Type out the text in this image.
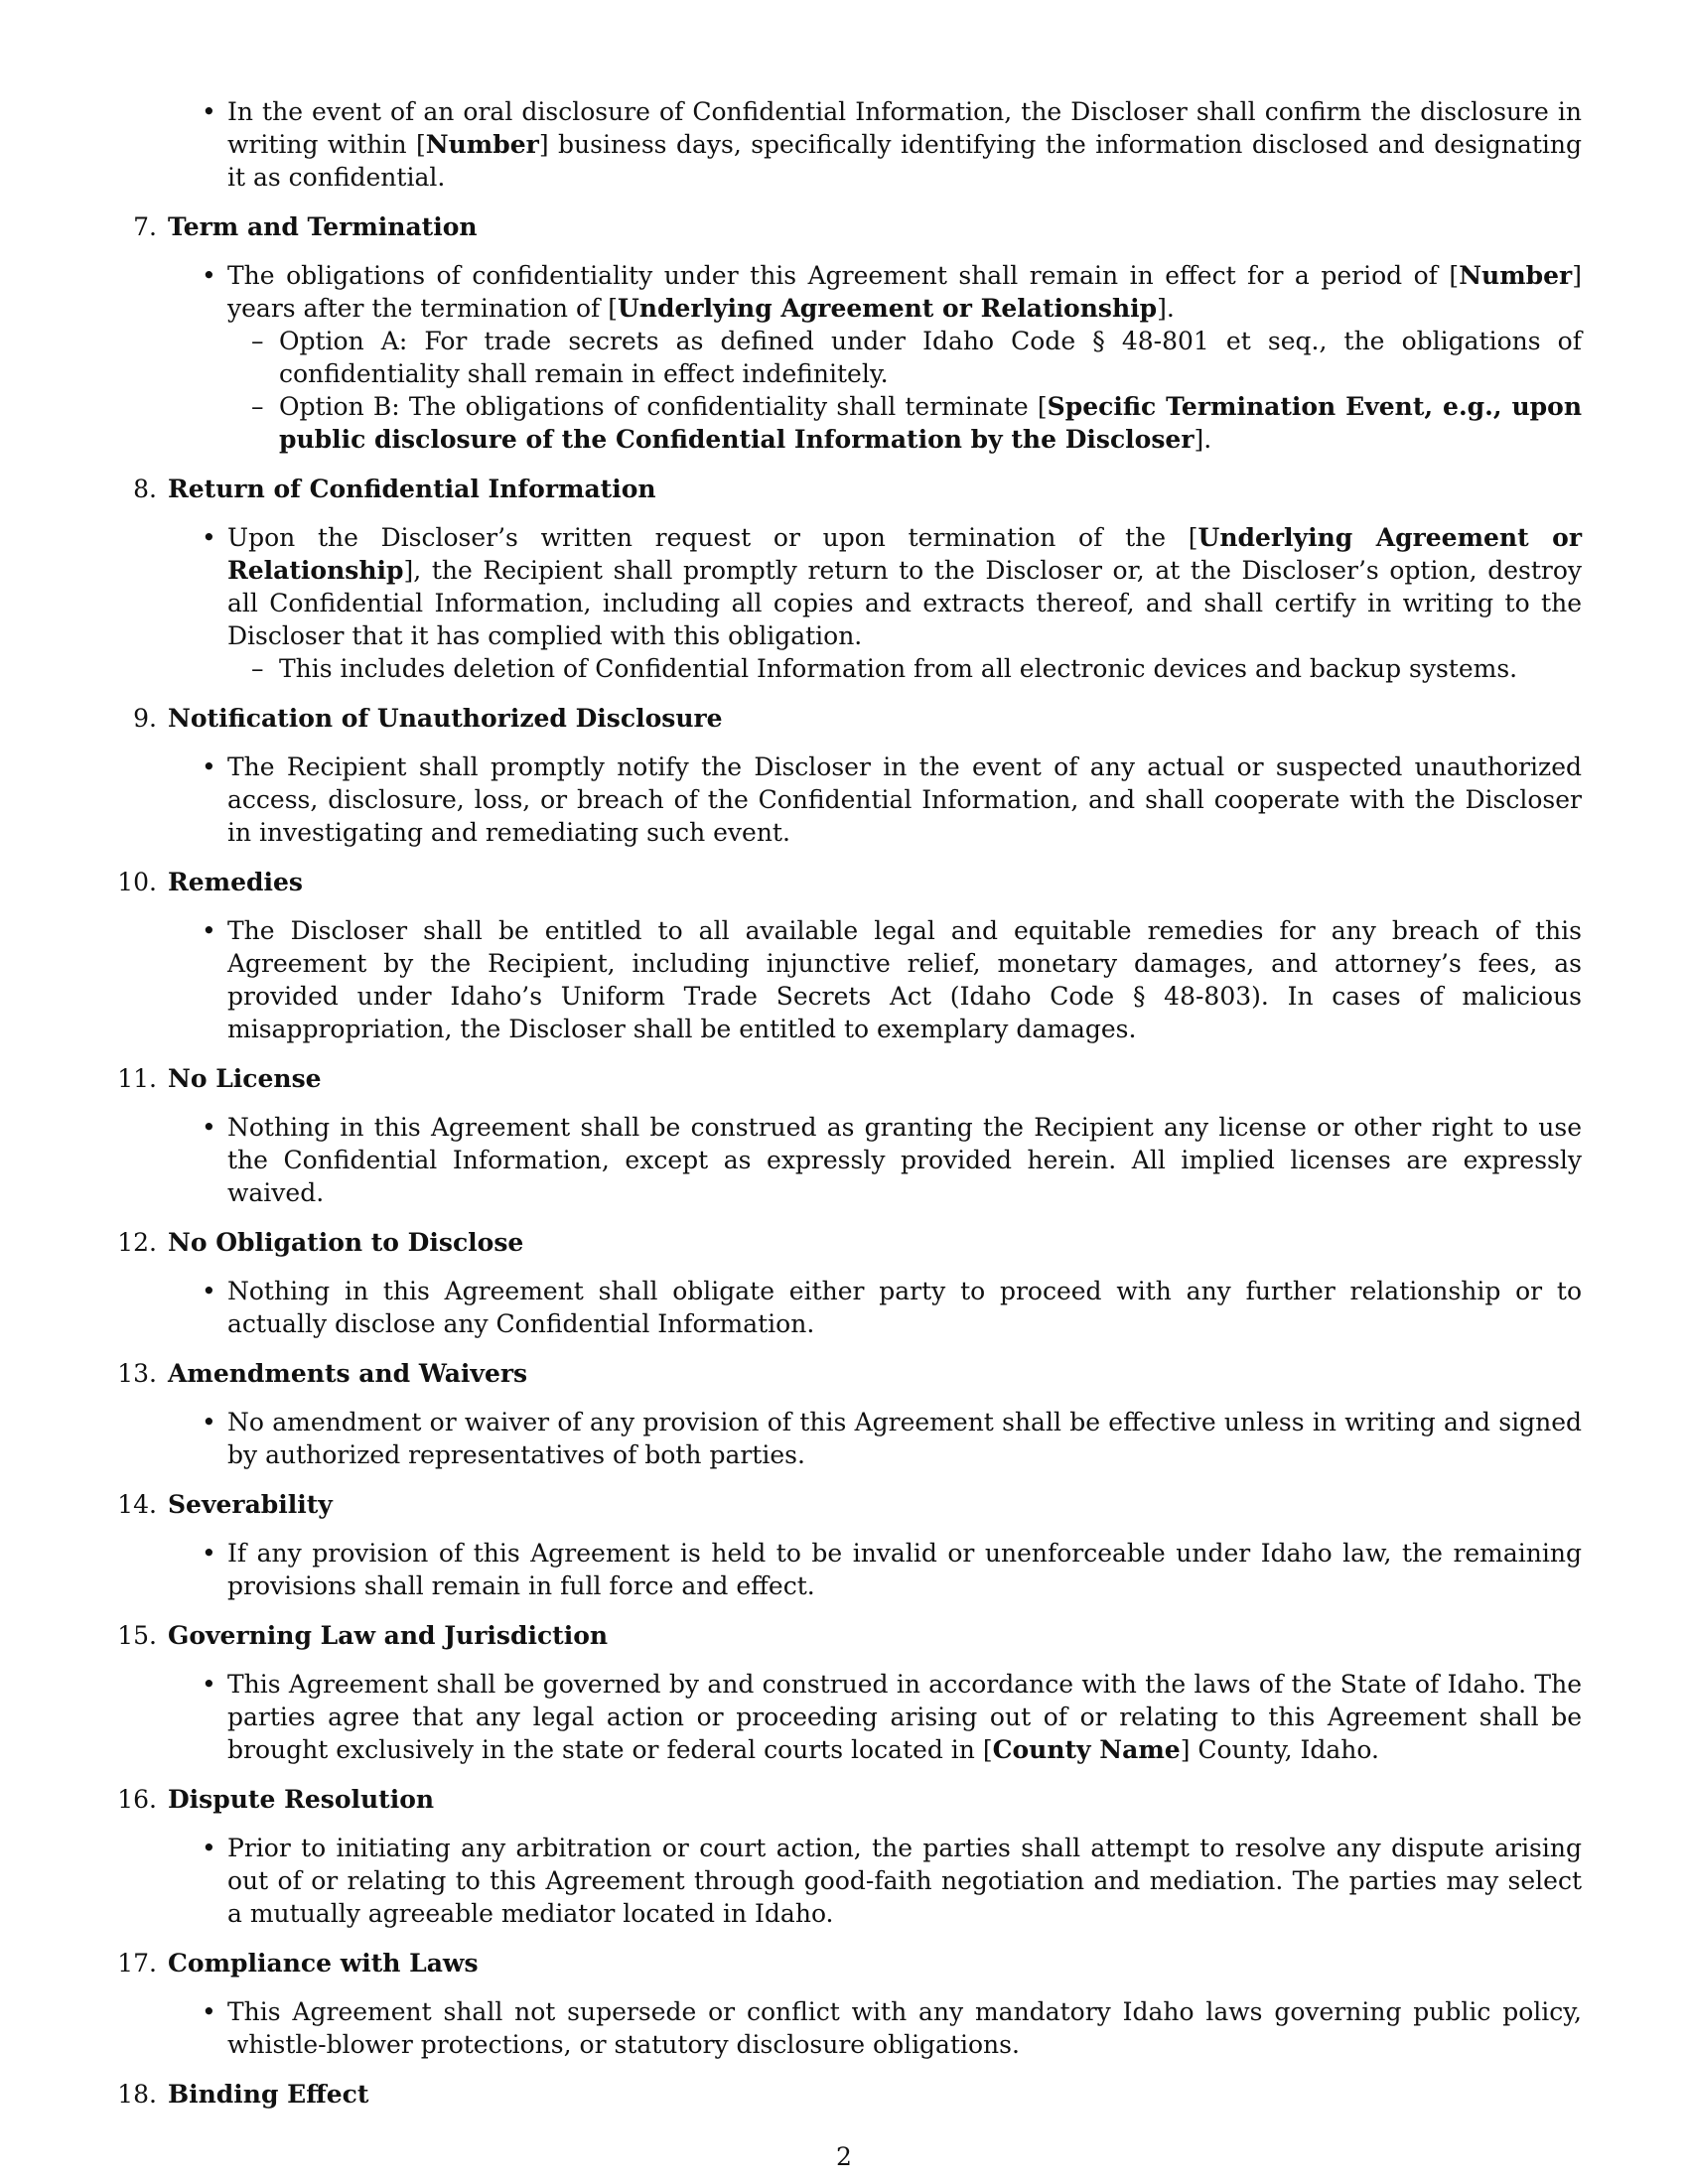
• In the event of an oral disclosure of Confidential Information, the Discloser shall confirm the disclosure in writing within [Number] business days, specifically identifying the information disclosed and designating it as confidential.
7. Term and Termination
• The obligations of confidentiality under this Agreement shall remain in effect for a period of [Number] years after the termination of [Underlying Agreement or Relationship].
– Option A: For trade secrets as defined under Idaho Code § 48-801 et seq., the obligations of confidentiality shall remain in effect indefinitely.
– Option B: The obligations of confidentiality shall terminate [Specific Termination Event, e.g., upon public disclosure of the Confidential Information by the Discloser].
8. Return of Confidential Information
• Upon the Discloser’s written request or upon termination of the [Underlying Agreement or Relationship], the Recipient shall promptly return to the Discloser or, at the Discloser’s option, destroy all Confidential Information, including all copies and extracts thereof, and shall certify in writing to the Discloser that it has complied with this obligation.
– This includes deletion of Confidential Information from all electronic devices and backup systems.
9. Notification of Unauthorized Disclosure
• The Recipient shall promptly notify the Discloser in the event of any actual or suspected unauthorized access, disclosure, loss, or breach of the Confidential Information, and shall cooperate with the Discloser in investigating and remediating such event.
10. Remedies
• The Discloser shall be entitled to all available legal and equitable remedies for any breach of this Agreement by the Recipient, including injunctive relief, monetary damages, and attorney’s fees, as provided under Idaho’s Uniform Trade Secrets Act (Idaho Code § 48-803). In cases of malicious misappropriation, the Discloser shall be entitled to exemplary damages.
11. No License
• Nothing in this Agreement shall be construed as granting the Recipient any license or other right to use the Confidential Information, except as expressly provided herein. All implied licenses are expressly waived.
12. No Obligation to Disclose
• Nothing in this Agreement shall obligate either party to proceed with any further relationship or to actually disclose any Confidential Information.
13. Amendments and Waivers
• No amendment or waiver of any provision of this Agreement shall be effective unless in writing and signed by authorized representatives of both parties.
14. Severability
• If any provision of this Agreement is held to be invalid or unenforceable under Idaho law, the remaining provisions shall remain in full force and effect.
15. Governing Law and Jurisdiction
• This Agreement shall be governed by and construed in accordance with the laws of the State of Idaho. The parties agree that any legal action or proceeding arising out of or relating to this Agreement shall be brought exclusively in the state or federal courts located in [County Name] County, Idaho.
16. Dispute Resolution
• Prior to initiating any arbitration or court action, the parties shall attempt to resolve any dispute arising out of or relating to this Agreement through good-faith negotiation and mediation. The parties may select a mutually agreeable mediator located in Idaho.
17. Compliance with Laws
• This Agreement shall not supersede or conflict with any mandatory Idaho laws governing public policy, whistle-blower protections, or statutory disclosure obligations.
18. Binding Effect
2
